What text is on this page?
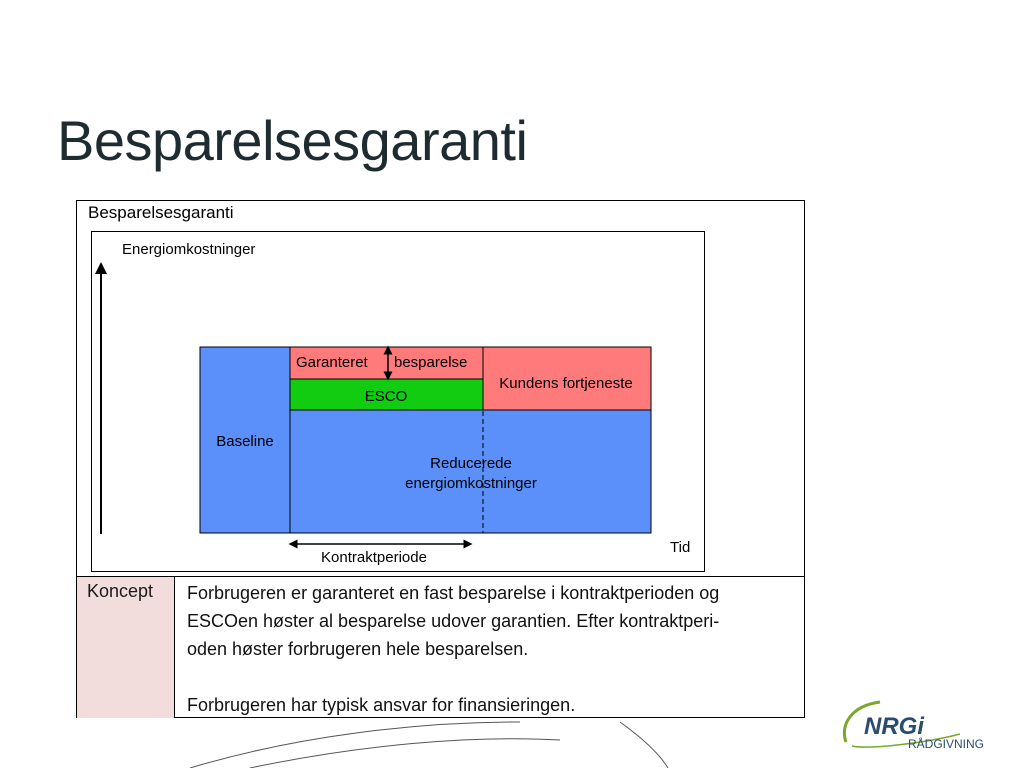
Besparelsesgaranti
Besparelsesgaranti
Energiomkostninger
Baseline
Garanteret besparelse
ESCO
Kundens fortjeneste
Reducerede
energiomkostninger
Kontraktperiode
Tid
Koncept Forbrugeren er garanteret en fast besparelse i kontraktperioden og

ESCOen høster al besparelse udover garantien. Efter kontraktperi-

oden høster forbrugeren hele besparelsen.

Forbrugeren har typisk ansvar for finansieringen.

NRGi
RÅDGIVNING
